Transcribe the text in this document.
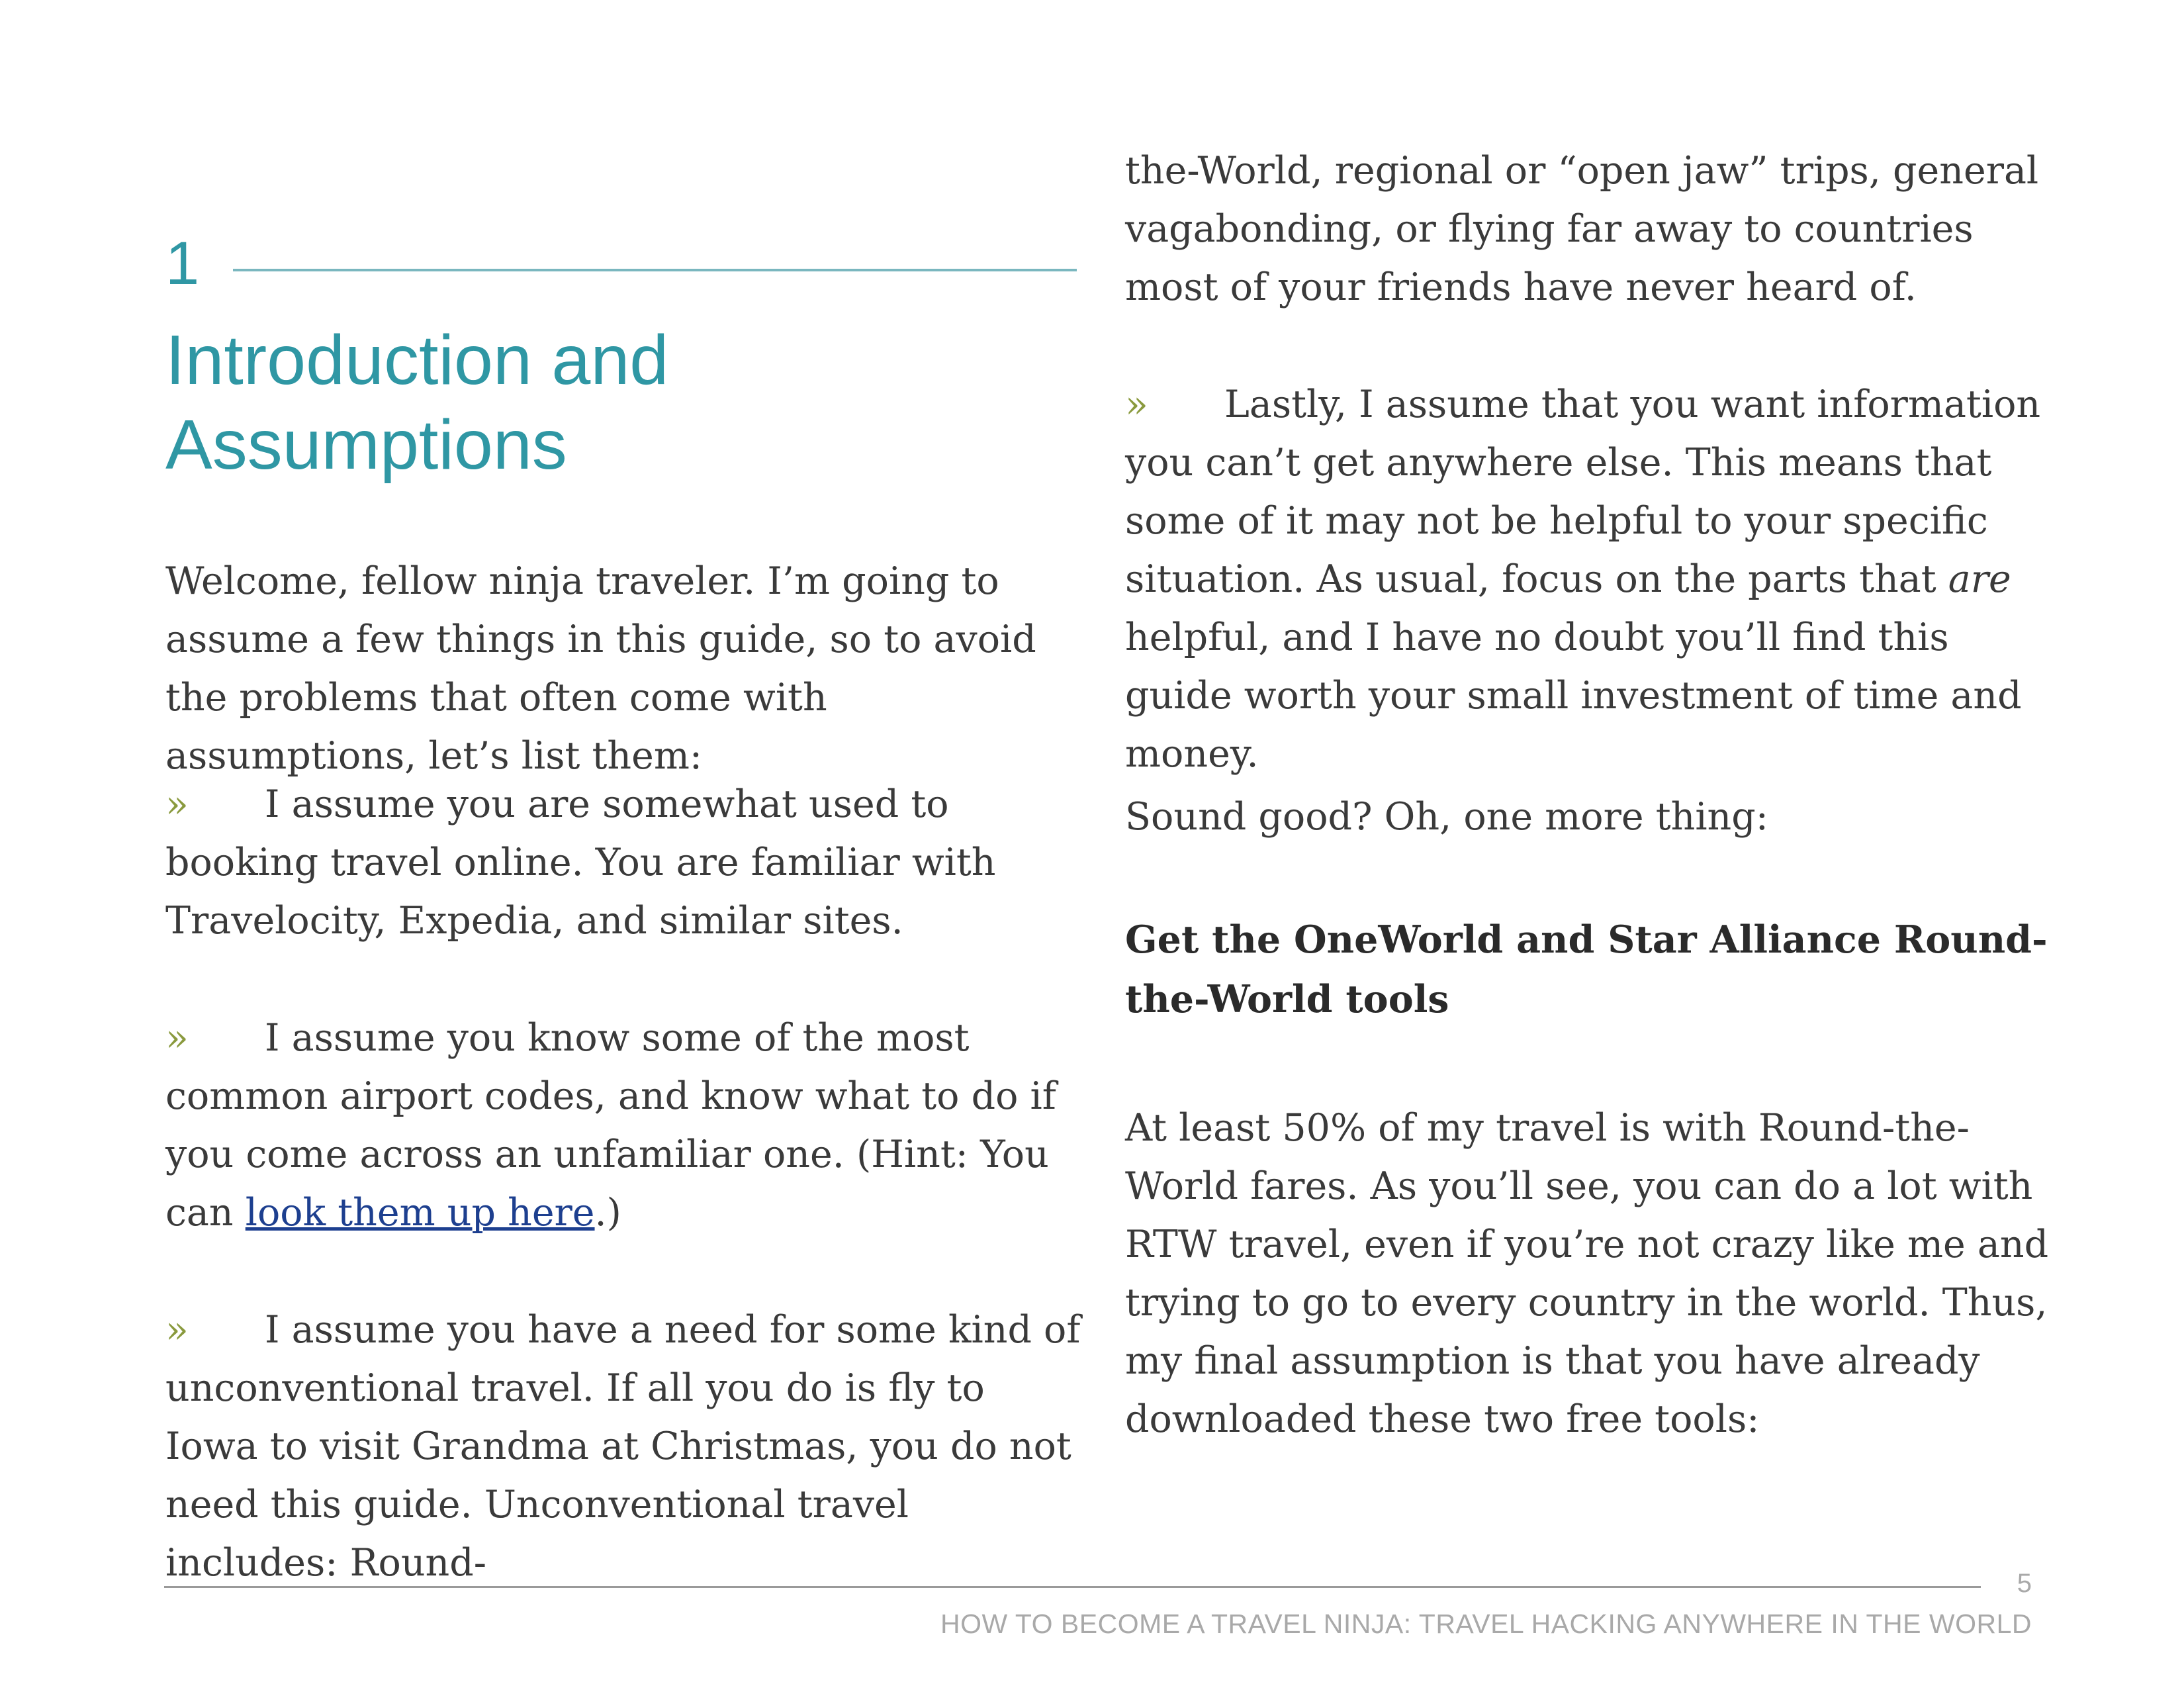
1
Introduction and
Assumptions

Welcome, fellow ninja traveler. I’m going to assume a few things in this guide, so to avoid the problems that often come with assumptions, let’s list them:

» I assume you are somewhat used to booking travel online. You are familiar with Travelocity, Expedia, and similar sites.

» I assume you know some of the most common airport codes, and know what to do if you come across an unfamiliar one. (Hint: You can look them up here.)

» I assume you have a need for some kind of unconventional travel. If all you do is fly to Iowa to visit Grandma at Christmas, you do not need this guide. Unconventional travel includes: Round-

the-World, regional or “open jaw” trips, general vagabonding, or flying far away to countries most of your friends have never heard of.

» Lastly, I assume that you want information you can’t get anywhere else. This means that some of it may not be helpful to your specific situation. As usual, focus on the parts that are helpful, and I have no doubt you’ll find this guide worth your small investment of time and money.

Sound good? Oh, one more thing:

Get the OneWorld and Star Alliance Round-the-World tools

At least 50% of my travel is with Round-the-World fares. As you’ll see, you can do a lot with RTW travel, even if you’re not crazy like me and trying to go to every country in the world. Thus, my final assumption is that you have already downloaded these two free tools:

5
HOW TO BECOME A TRAVEL NINJA: TRAVEL HACKING ANYWHERE IN THE WORLD
